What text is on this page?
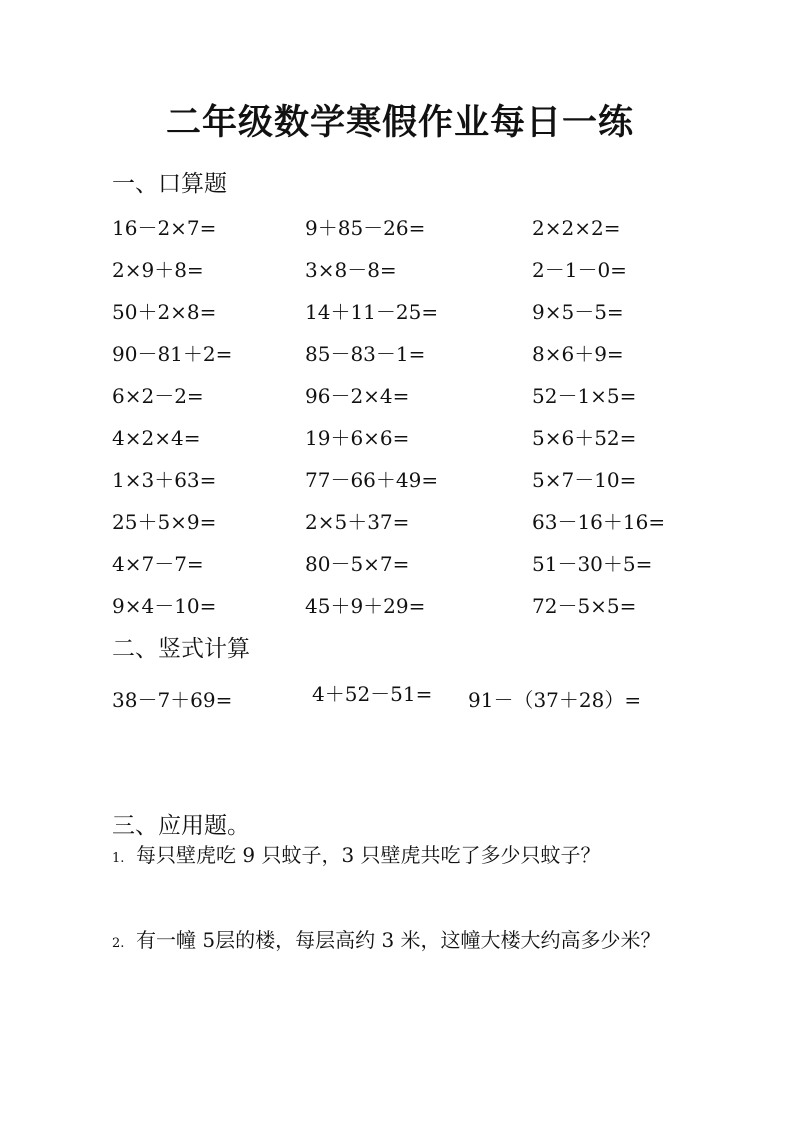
二年级数学寒假作业每日一练
一、口算题
16－2×7=	9＋85－26=	2×2×2=
2×9＋8=	3×8－8=	2－1－0=
50＋2×8=	14＋11－25=	9×5－5=
90－81＋2=	85－83－1=	8×6＋9=
6×2－2=	96－2×4=	52－1×5=
4×2×4=	19＋6×6=	5×6＋52=
1×3＋63=	77－66＋49=	5×7－10=
25＋5×9=	2×5＋37=	63－16＋16=
4×7－7=	80－5×7=	51－30＋5=
9×4－10=	45＋9＋29=	72－5×5=
二、竖式计算
38－7＋69=	4＋52－51= 91－（37＋28）=
三、应用题。
1. 每只壁虎吃 9 只蚊子，3 只壁虎共吃了多少只蚊子？
2. 有一幢 5层的楼，每层高约 3 米，这幢大楼大约高多少米？
